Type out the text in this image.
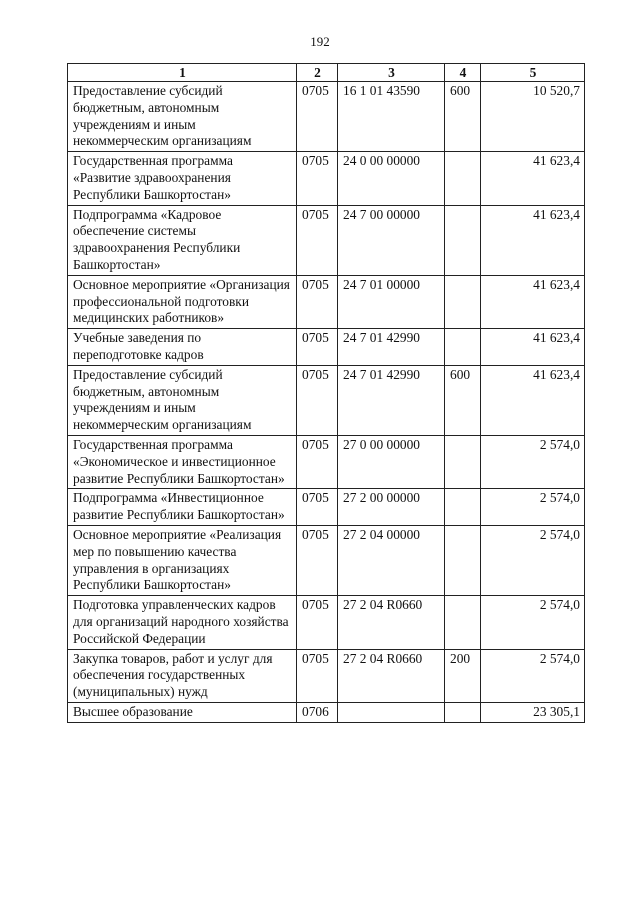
192
1	2	3	4	5
Предоставление субсидий бюджетным, автономным учреждениям и иным некоммерческим организациям	0705	16 1 01 43590	600	10 520,7
Государственная программа «Развитие здравоохранения Республики Башкортостан»	0705	24 0 00 00000		41 623,4
Подпрограмма «Кадровое обеспечение системы здравоохранения Республики Башкортостан»	0705	24 7 00 00000		41 623,4
Основное мероприятие «Организация профессиональной подготовки медицинских работников»	0705	24 7 01 00000		41 623,4
Учебные заведения по переподготовке кадров	0705	24 7 01 42990		41 623,4
Предоставление субсидий бюджетным, автономным учреждениям и иным некоммерческим организациям	0705	24 7 01 42990	600	41 623,4
Государственная программа «Экономическое и инвестиционное развитие Республики Башкортостан»	0705	27 0 00 00000		2 574,0
Подпрограмма «Инвестиционное развитие Республики Башкортостан»	0705	27 2 00 00000		2 574,0
Основное мероприятие «Реализация мер по повышению качества управления в организациях Республики Башкортостан»	0705	27 2 04 00000		2 574,0
Подготовка управленческих кадров для организаций народного хозяйства Российской Федерации	0705	27 2 04 R0660		2 574,0
Закупка товаров, работ и услуг для обеспечения государственных (муниципальных) нужд	0705	27 2 04 R0660	200	2 574,0
Высшее образование	0706			23 305,1
